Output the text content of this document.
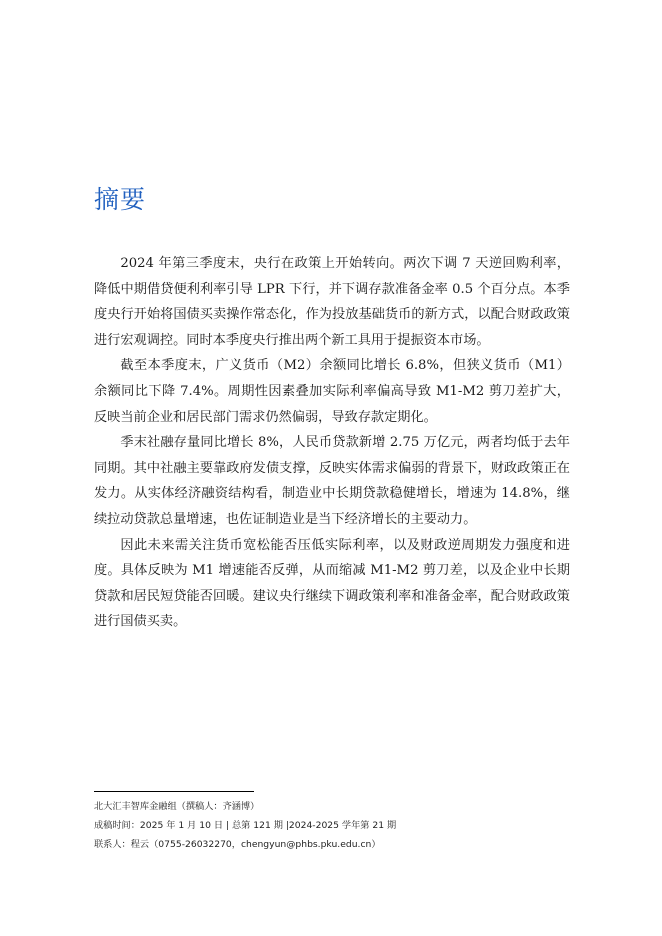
摘要

2024 年第三季度末，央行在政策上开始转向。两次下调 7 天逆回购利率，降低中期借贷便利利率引导 LPR 下行，并下调存款准备金率 0.5 个百分点。本季度央行开始将国债买卖操作常态化，作为投放基础货币的新方式，以配合财政政策进行宏观调控。同时本季度央行推出两个新工具用于提振资本市场。

截至本季度末，广义货币（M2）余额同比增长 6.8%，但狭义货币（M1）余额同比下降 7.4%。周期性因素叠加实际利率偏高导致 M1-M2 剪刀差扩大，反映当前企业和居民部门需求仍然偏弱，导致存款定期化。

季末社融存量同比增长 8%，人民币贷款新增 2.75 万亿元，两者均低于去年同期。其中社融主要靠政府发债支撑，反映实体需求偏弱的背景下，财政政策正在发力。从实体经济融资结构看，制造业中长期贷款稳健增长，增速为 14.8%，继续拉动贷款总量增速，也佐证制造业是当下经济增长的主要动力。

因此未来需关注货币宽松能否压低实际利率，以及财政逆周期发力强度和进度。具体反映为 M1 增速能否反弹，从而缩减 M1-M2 剪刀差，以及企业中长期贷款和居民短贷能否回暖。建议央行继续下调政策利率和准备金率，配合财政政策进行国债买卖。

北大汇丰智库金融组（撰稿人：齐涵博）
成稿时间：2025 年 1 月 10 日 | 总第 121 期 |2024-2025 学年第 21 期
联系人：程云（0755-26032270，chengyun@phbs.pku.edu.cn）
